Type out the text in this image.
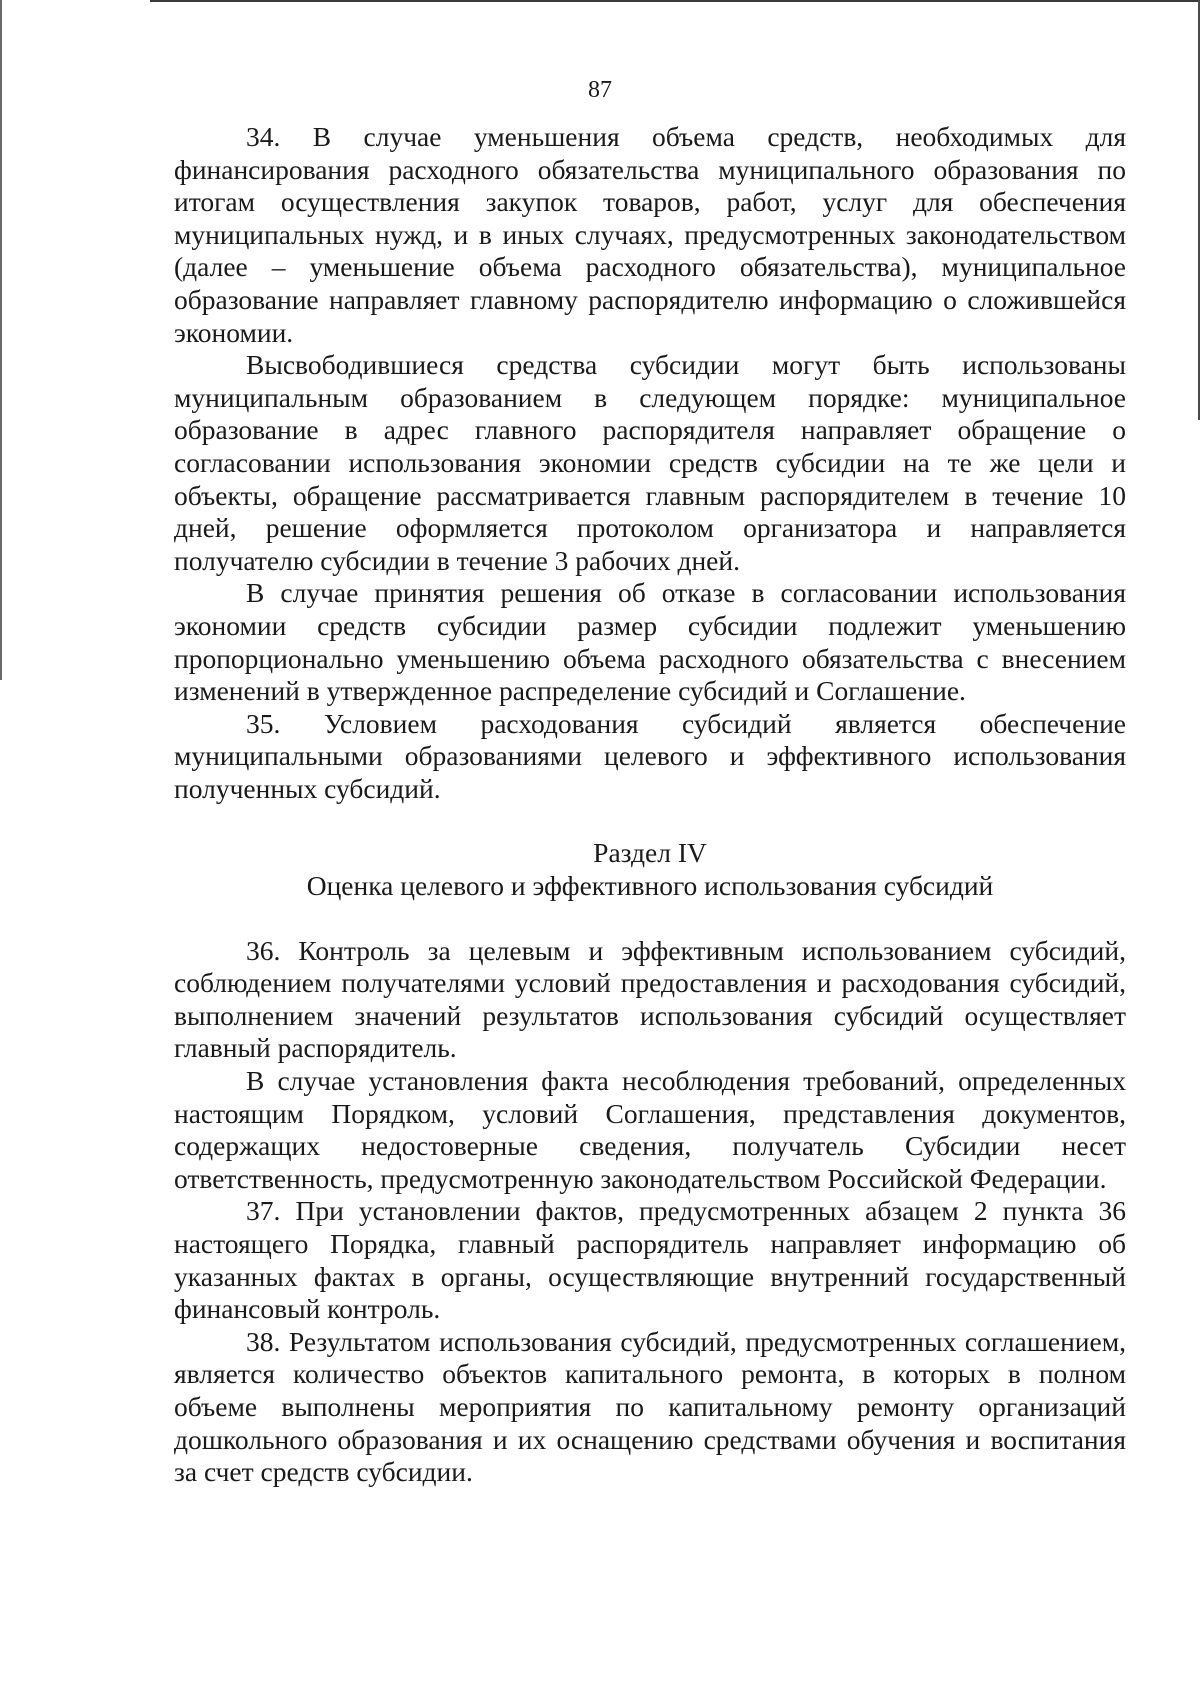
87

34. В случае уменьшения объема средств, необходимых для финансирования расходного обязательства муниципального образования по итогам осуществления закупок товаров, работ, услуг для обеспечения муниципальных нужд, и в иных случаях, предусмотренных законодательством (далее – уменьшение объема расходного обязательства), муниципальное образование направляет главному распорядителю информацию о сложившейся экономии.

Высвободившиеся средства субсидии могут быть использованы муниципальным образованием в следующем порядке: муниципальное образование в адрес главного распорядителя направляет обращение о согласовании использования экономии средств субсидии на те же цели и объекты, обращение рассматривается главным распорядителем в течение 10 дней, решение оформляется протоколом организатора и направляется получателю субсидии в течение 3 рабочих дней.

В случае принятия решения об отказе в согласовании использования экономии средств субсидии размер субсидии подлежит уменьшению пропорционально уменьшению объема расходного обязательства с внесением изменений в утвержденное распределение субсидий и Соглашение.

35. Условием расходования субсидий является обеспечение муниципальными образованиями целевого и эффективного использования полученных субсидий.

Раздел IV
Оценка целевого и эффективного использования субсидий

36. Контроль за целевым и эффективным использованием субсидий, соблюдением получателями условий предоставления и расходования субсидий, выполнением значений результатов использования субсидий осуществляет главный распорядитель.

В случае установления факта несоблюдения требований, определенных настоящим Порядком, условий Соглашения, представления документов, содержащих недостоверные сведения, получатель Субсидии несет ответственность, предусмотренную законодательством Российской Федерации.

37. При установлении фактов, предусмотренных абзацем 2 пункта 36 настоящего Порядка, главный распорядитель направляет информацию об указанных фактах в органы, осуществляющие внутренний государственный финансовый контроль.

38. Результатом использования субсидий, предусмотренных соглашением, является количество объектов капитального ремонта, в которых в полном объеме выполнены мероприятия по капитальному ремонту организаций дошкольного образования и их оснащению средствами обучения и воспитания за счет средств субсидии.
